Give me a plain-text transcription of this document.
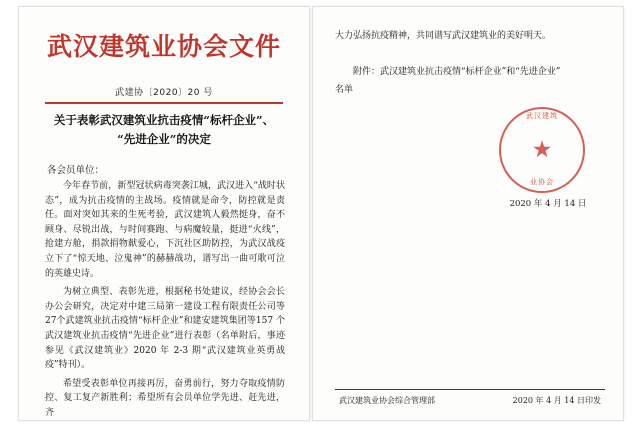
武汉建筑业协会文件
武建协〔2020〕20 号
关于表彰武汉建筑业抗击疫情“标杆企业”、
“先进企业”的决定
各会员单位：

今年春节前，新型冠状病毒突袭江城，武汉进入“战时状态”，成为抗击疫情的主战场。疫情就是命令，防控就是责任。面对突如其来的生死考验，武汉建筑人毅然挺身，奋不顾身、尽锐出战，与时间赛跑、与病魔较量，挺进“火线”，抢建方舱，捐款捐物献爱心，下沉社区助防控，为武汉战疫立下了“惊天地、泣鬼神”的赫赫战功，谱写出一曲可歌可泣的英雄史诗。

为树立典型、表彰先进，根据秘书处建议，经协会会长办公会研究，决定对中建三局第一建设工程有限责任公司等27个武建筑业抗击疫情“标杆企业”和建安建筑集团等157 个武汉建筑业抗击疫情“先进企业”进行表彰（名单附后，事迹参见《武汉建筑业》2020 年 2-3 期“武汉建筑业英勇战疫”特刊）。

希望受表彰单位再接再厉，奋勇前行，努力夺取疫情防控、复工复产新胜利；希望所有会员单位学先进、赶先进，齐

大力弘扬抗疫精神，共同谱写武汉建筑业的美好明天。
附件：武汉建筑业抗击疫情“标杆企业”和“先进企业”
名单
★
武汉建筑
业协会
2020 年 4 月 14 日
武汉建筑业协会综合管理部	2020 年 4 月 14 日印发
